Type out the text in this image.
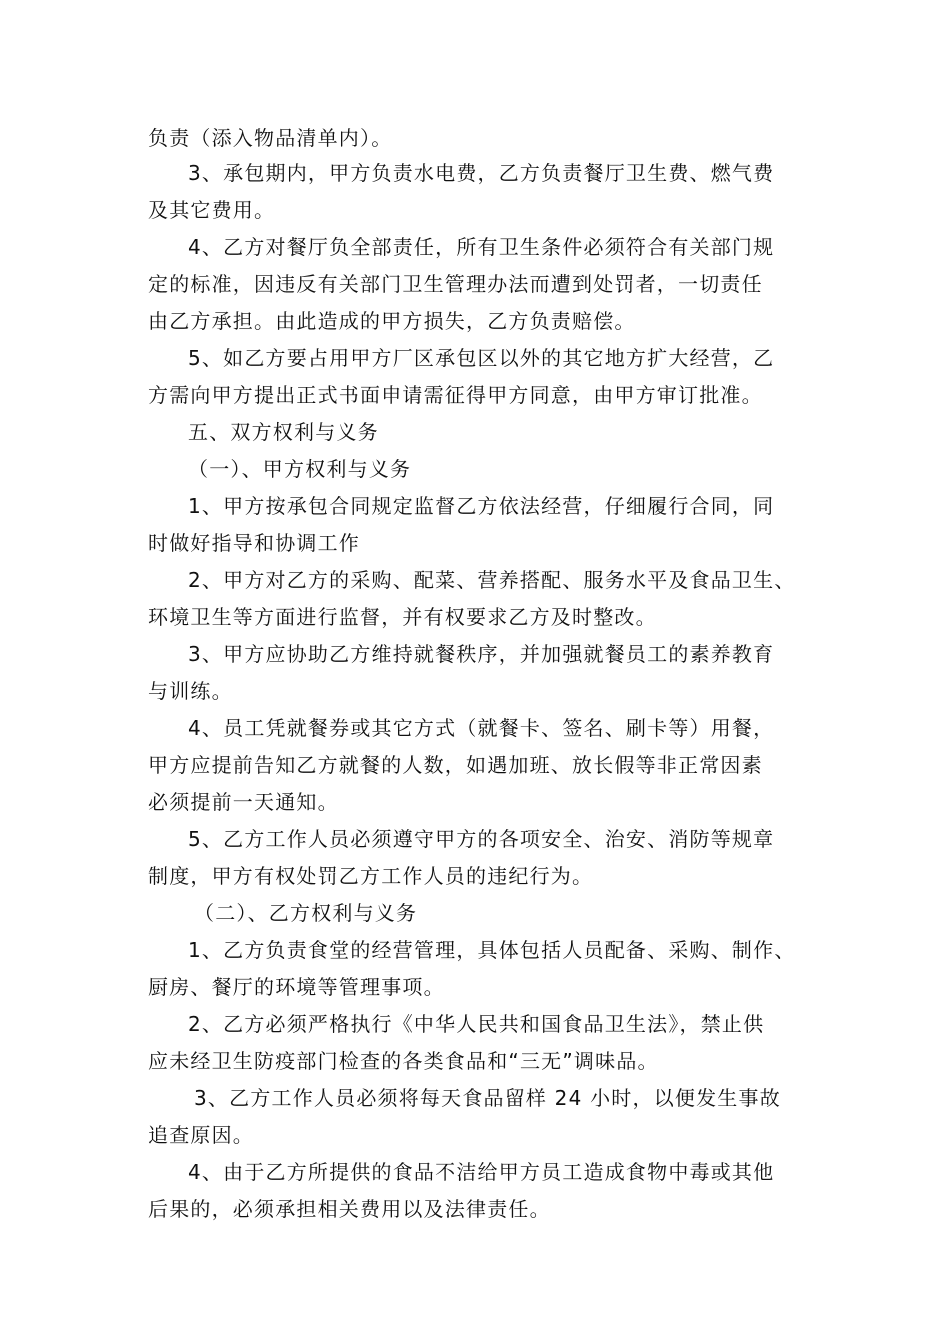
负责（添入物品清单内）。
3、承包期内，甲方负责水电费，乙方负责餐厅卫生费、燃气费
及其它费用。
4、乙方对餐厅负全部责任，所有卫生条件必须符合有关部门规
定的标准，因违反有关部门卫生管理办法而遭到处罚者，一切责任
由乙方承担。由此造成的甲方损失，乙方负责赔偿。
5、如乙方要占用甲方厂区承包区以外的其它地方扩大经营，乙
方需向甲方提出正式书面申请需征得甲方同意，由甲方审订批准。
五、双方权利与义务
（一）、甲方权利与义务
1、甲方按承包合同规定监督乙方依法经营，仔细履行合同，同
时做好指导和协调工作
2、甲方对乙方的采购、配菜、营养搭配、服务水平及食品卫生、
环境卫生等方面进行监督，并有权要求乙方及时整改。
3、甲方应协助乙方维持就餐秩序，并加强就餐员工的素养教育
与训练。
4、员工凭就餐券或其它方式（就餐卡、签名、刷卡等）用餐，
甲方应提前告知乙方就餐的人数，如遇加班、放长假等非正常因素
必须提前一天通知。
5、乙方工作人员必须遵守甲方的各项安全、治安、消防等规章
制度，甲方有权处罚乙方工作人员的违纪行为。
（二）、乙方权利与义务
1、乙方负责食堂的经营管理，具体包括人员配备、采购、制作、
厨房、餐厅的环境等管理事项。
2、乙方必须严格执行《中华人民共和国食品卫生法》，禁止供
应未经卫生防疫部门检查的各类食品和“三无”调味品。
3、乙方工作人员必须将每天食品留样 24 小时，以便发生事故
追查原因。
4、由于乙方所提供的食品不洁给甲方员工造成食物中毒或其他
后果的，必须承担相关费用以及法律责任。
